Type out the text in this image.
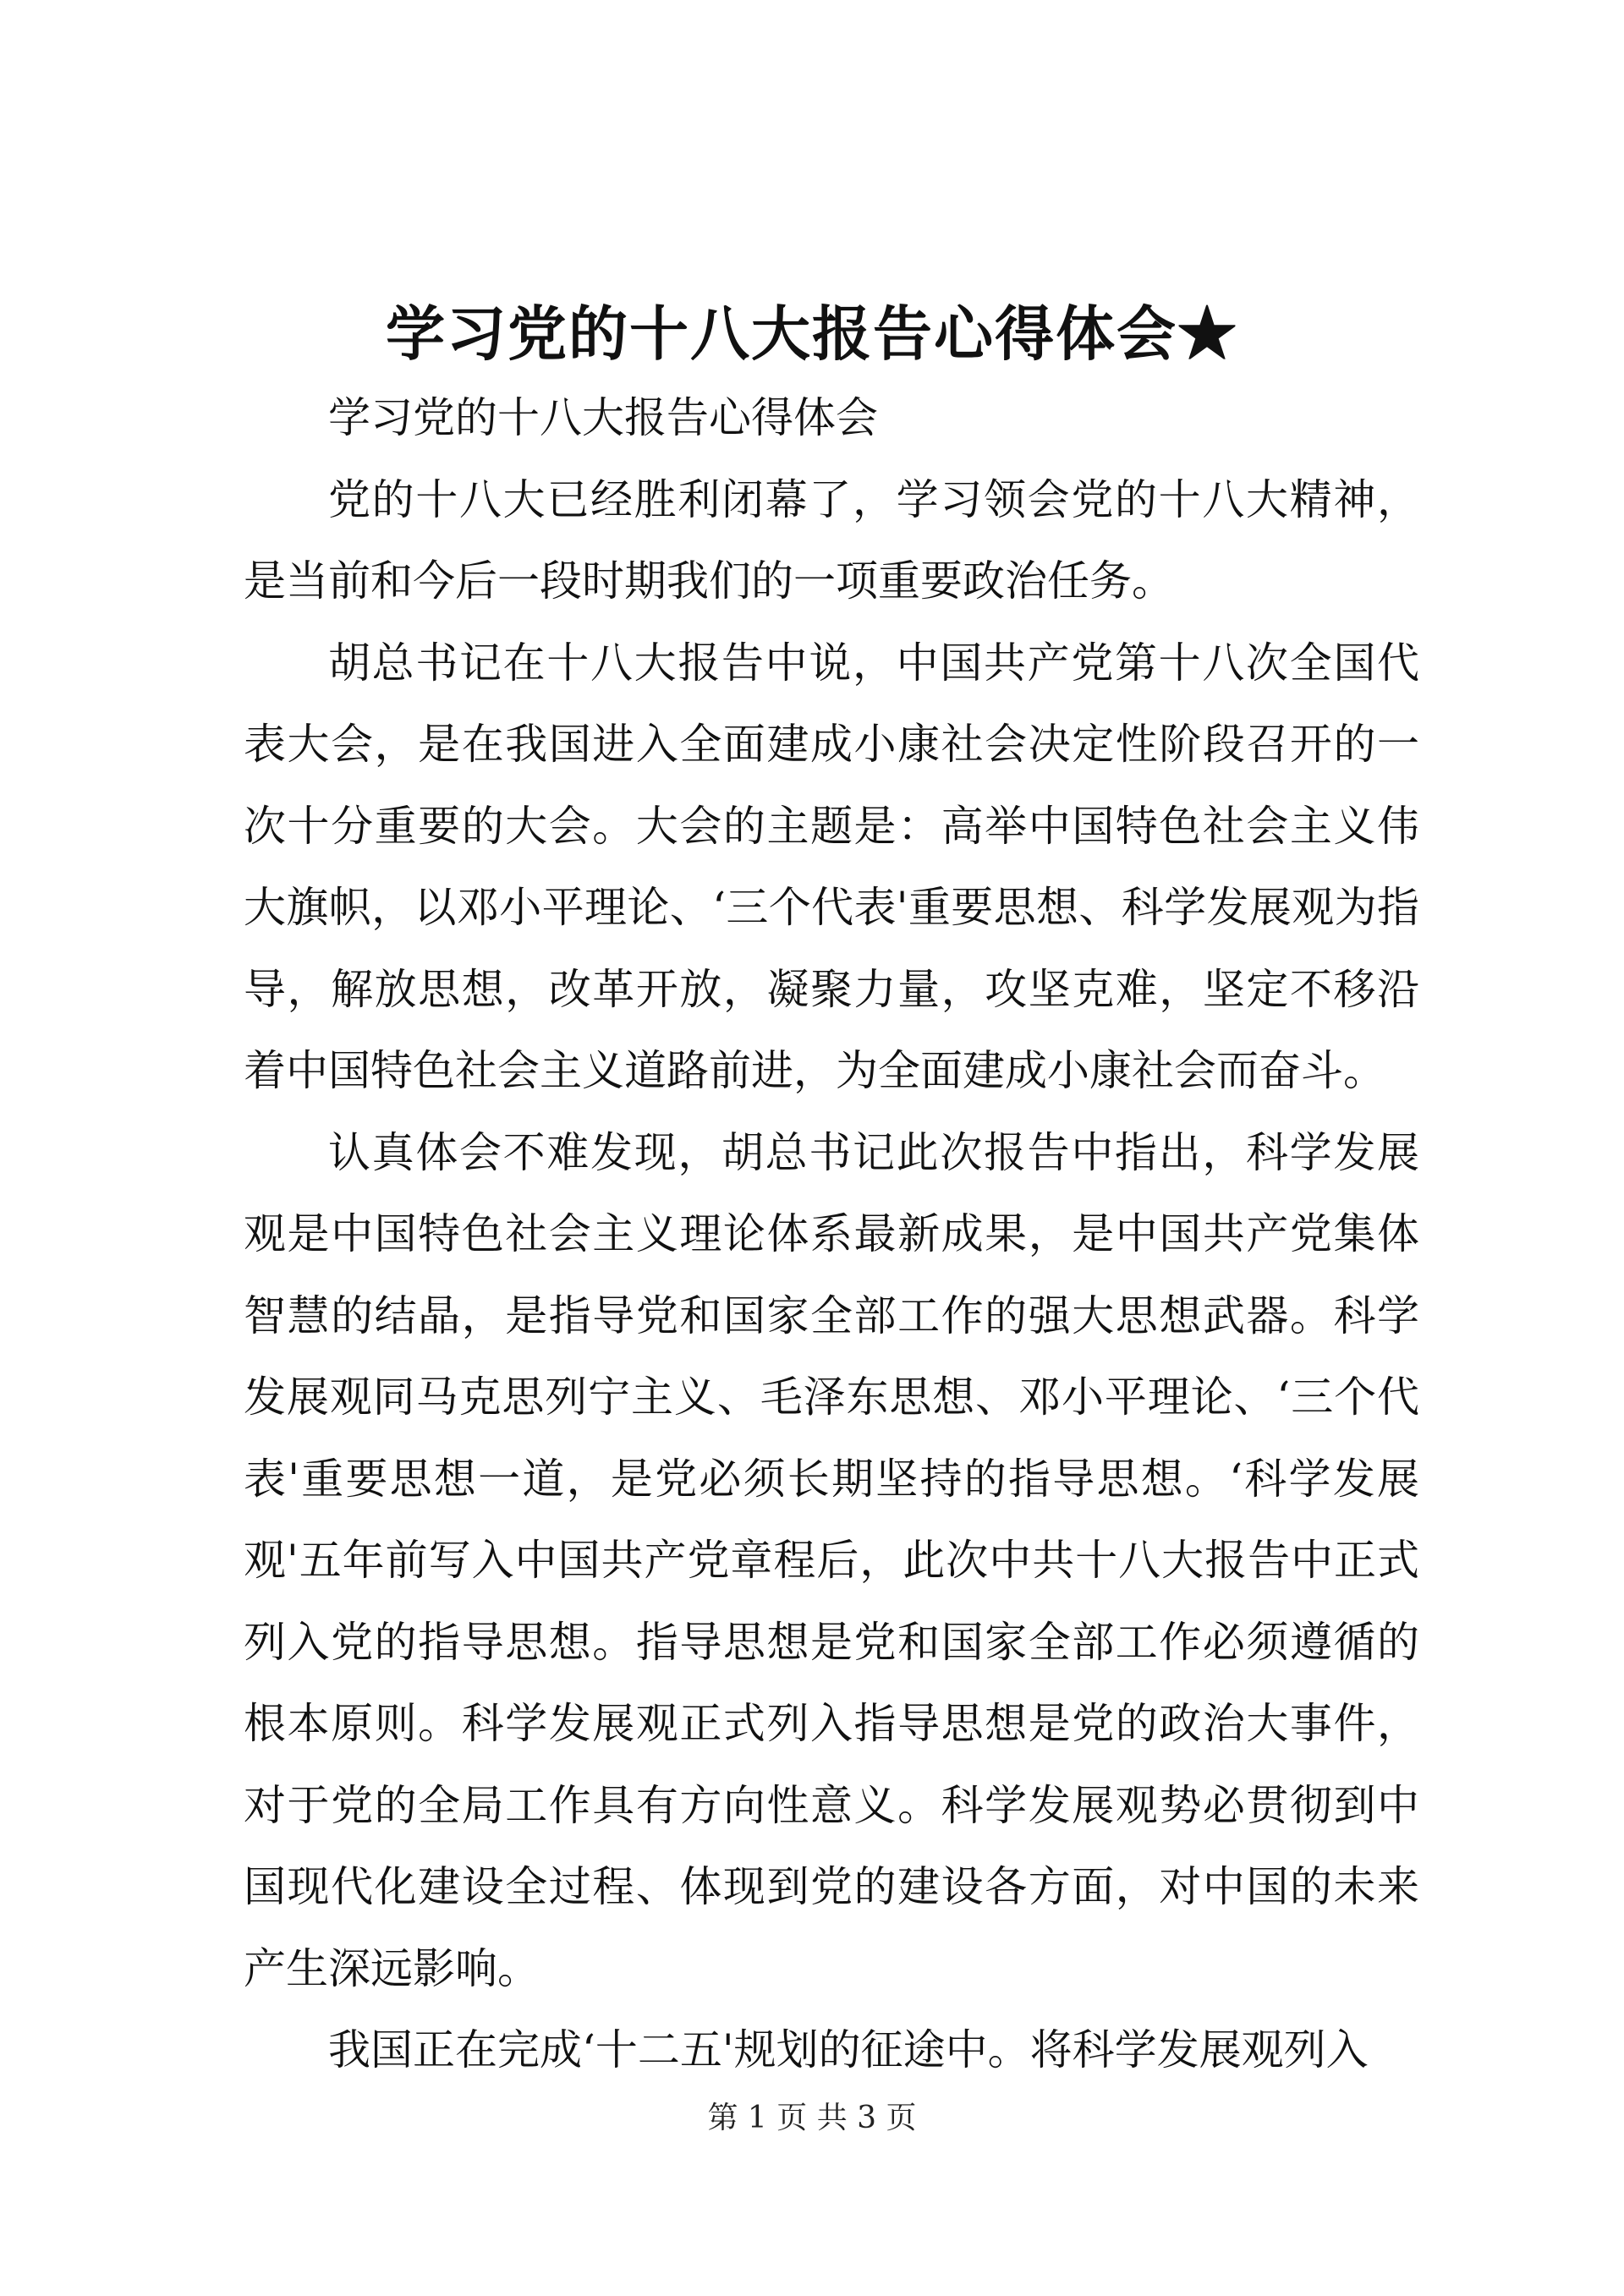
学习党的十八大报告心得体会★

学习党的十八大报告心得体会

党的十八大已经胜利闭幕了，学习领会党的十八大精神，是当前和今后一段时期我们的一项重要政治任务。

胡总书记在十八大报告中说，中国共产党第十八次全国代表大会，是在我国进入全面建成小康社会决定性阶段召开的一次十分重要的大会。大会的主题是：高举中国特色社会主义伟大旗帜，以邓小平理论、‘三个代表'重要思想、科学发展观为指导，解放思想，改革开放，凝聚力量，攻坚克难，坚定不移沿着中国特色社会主义道路前进，为全面建成小康社会而奋斗。

认真体会不难发现，胡总书记此次报告中指出，科学发展观是中国特色社会主义理论体系最新成果，是中国共产党集体智慧的结晶，是指导党和国家全部工作的强大思想武器。科学发展观同马克思列宁主义、毛泽东思想、邓小平理论、‘三个代表'重要思想一道，是党必须长期坚持的指导思想。‘科学发展观'五年前写入中国共产党章程后，此次中共十八大报告中正式列入党的指导思想。指导思想是党和国家全部工作必须遵循的根本原则。科学发展观正式列入指导思想是党的政治大事件，对于党的全局工作具有方向性意义。科学发展观势必贯彻到中国现代化建设全过程、体现到党的建设各方面，对中国的未来产生深远影响。

我国正在完成‘十二五'规划的征途中。将科学发展观列入

第 1 页 共 3 页
